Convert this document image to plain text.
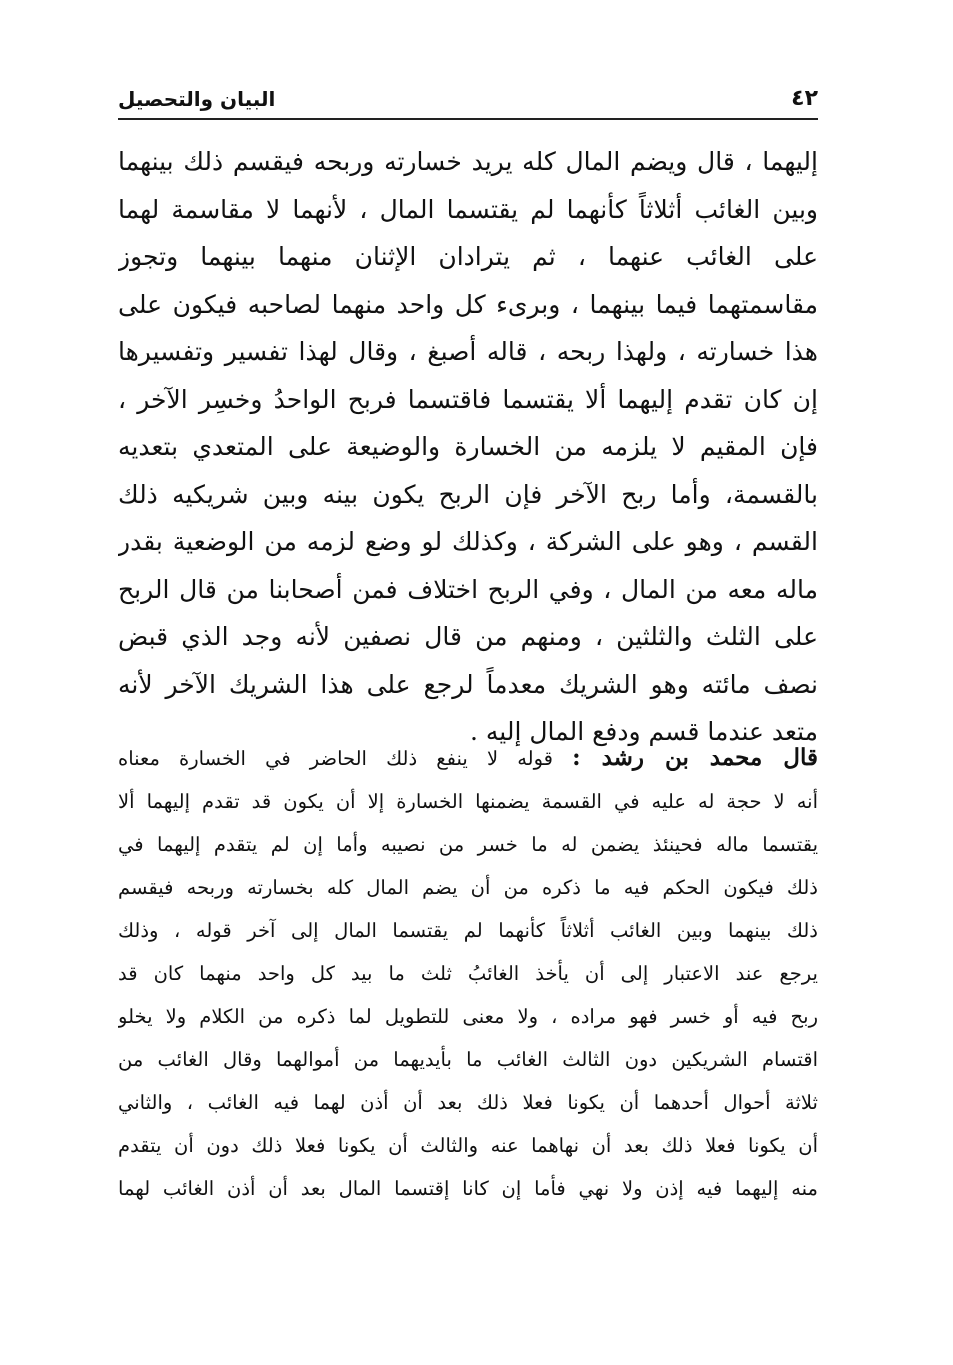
٤٢
البيان والتحصيل
إليهما ، قال ويضم المال كله يريد خسارته وربحه فيقسم ذلك بينهما
وبين الغائب أثلاثاً كأنهما لم يقتسما المال ، لأنهما لا مقاسمة لهما
على الغائب عنهما ، ثم يترادان الإثنان منهما بينهما وتجوز
مقاسمتهما فيما بينهما ، وبرىء كل واحد منهما لصاحبه فيكون على
هذا خسارته ، ولهذا ربحه ، قاله أصبغ ، وقال لهذا تفسير وتفسيرها
إن كان تقدم إليهما ألا يقتسما فاقتسما فربح الواحدُ وخسِر الآخر ،
فإن المقيم لا يلزمه من الخسارة والوضيعة على المتعدي بتعديه
بالقسمة، وأما ربح الآخر فإن الربح يكون بينه وبين شريكيه ذلك
القسم ، وهو على الشركة ، وكذلك لو وضع لزمه من الوضعية بقدر
ماله معه من المال ، وفي الربح اختلاف فمن أصحابنا من قال الربح
على الثلث والثلثين ، ومنهم من قال نصفين لأنه وجد الذي قبض
نصف مائته وهو الشريك معدماً لرجع على هذا الشريك الآخر لأنه
متعد عندما قسم ودفع المال إليه .
قال محمد بن رشد : قوله لا ينفع ذلك الحاضر في الخسارة معناه
أنه لا حجة له عليه في القسمة يضمنها الخسارة إلا أن يكون قد تقدم إليهما ألا
يقتسما ماله فحينئذ يضمن له ما خسر من نصيبه وأما إن لم يتقدم إليهما في
ذلك فيكون الحكم فيه ما ذكره من أن يضم المال كله بخسارته وربحه فيقسم
ذلك بينهما وبين الغائب أثلاثاً كأنهما لم يقتسما المال إلى آخر قوله ، وذلك
يرجع عند الاعتبار إلى أن يأخذ الغائبُ ثلث ما بيد كل واحد منهما كان قد
ربح فيه أو خسر فهو مراده ، ولا معنى للتطويل لما ذكره من الكلام ولا يخلو
اقتسام الشريكين دون الثالث الغائب ما بأيديهما من أموالهما وقال الغائب من
ثلاثة أحوال أحدهما أن يكونا فعلا ذلك بعد أن أذن لهما فيه الغائب ، والثاني
أن يكونا فعلا ذلك بعد أن نهاهما عنه والثالث أن يكونا فعلا ذلك دون أن يتقدم
منه إليهما فيه إذن ولا نهي فأما إن كانا إقتسما المال بعد أن أذن الغائب لهما
